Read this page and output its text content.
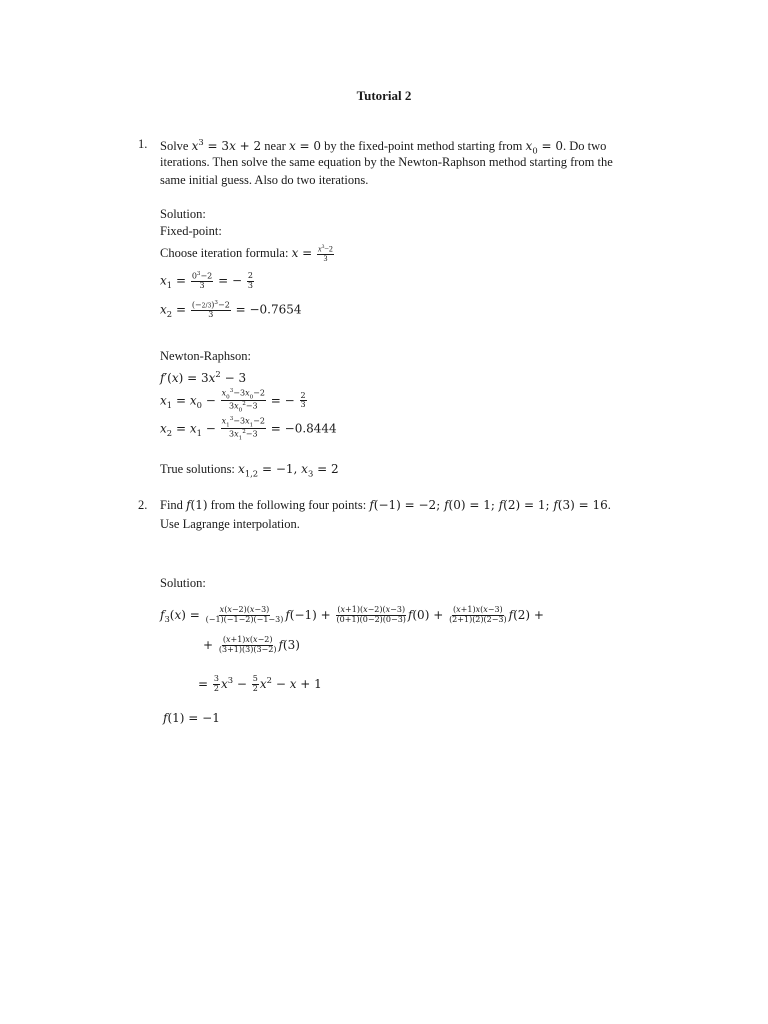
Tutorial 2
1. Solve $x^3 = 3x + 2$ near x = 0 by the fixed-point method starting from $x_0 = 0$. Do two
iterations. Then solve the same equation by the Newton-Raphson method starting from the
same initial guess. Also do two iterations.
Solution:
Fixed-point:
Choose iteration formula: $x = \frac{x^3-2}{3}$
$x_1 = \frac{0^3-2}{3}$ = − $\frac{2}{3}$
$x_2 = \frac{(-2/3)^3-2}{3} = -0.7654$
Newton-Raphson:
$f'(x) = 3x^2 - 3$
$x_1 = x_0 - \frac{x_0^3-3x_0-2}{3x_0^2-3}$ = − $\frac{2}{3}$
$x_2 = x_1 - \frac{x_1^3-3x_1-2}{3x_1^2-3} = -0.8444$
True solutions: $x_{1,2} = -1$, $x_3 = 2$
2. Find f(1) from the following four points: f(−1) = −2; f(0) = 1; f(2) = 1; f(3) = 16.
Use Lagrange interpolation.
Solution:
$f_3(x) = \frac{x(x-2)(x-3)}{(-1)(-1-2)(-1-3)} f(-1) + \frac{(x+1)(x-2)(x-3)}{(0+1)(0-2)(0-3)} f(0) + \frac{(x+1)x(x-3)}{(2+1)(2)(2-3)} f(2)$ +
+ $\frac{(x+1)x(x-2)}{(3+1)(3)(3-2)} f(3)$
= $\frac{3}{2} x^3 - \frac{5}{2} x^2 - x + 1$
f(1) = −1
